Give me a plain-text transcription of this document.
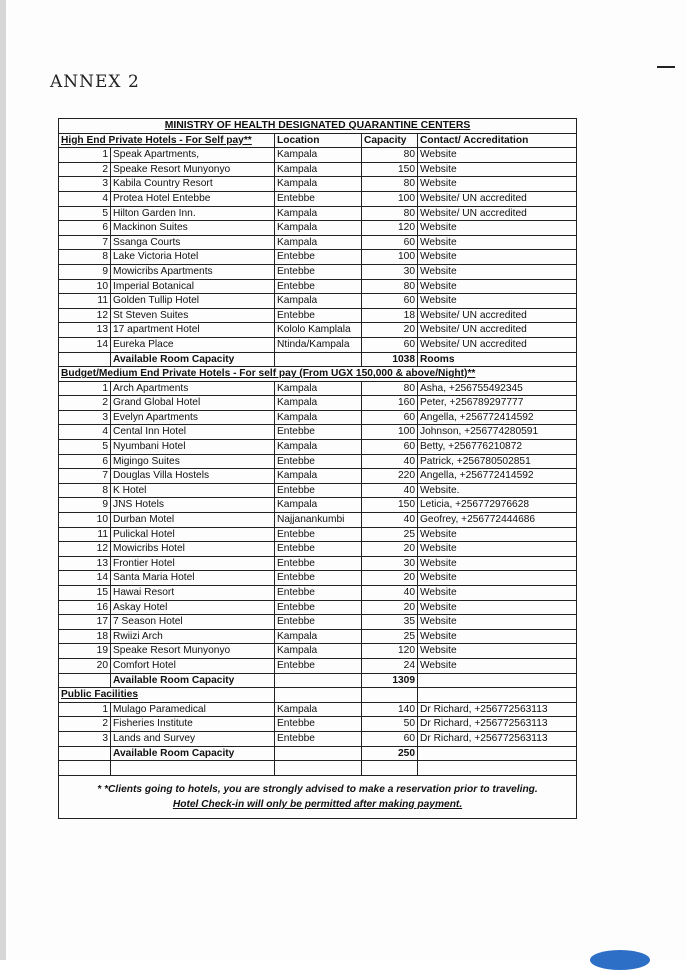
ANNEX 2
MINISTRY OF HEALTH DESIGNATED QUARANTINE CENTERS				
High End Private Hotels - For Self pay**		Location	Capacity	Contact/ Accreditation
1	Speak Apartments,	Kampala	80	Website
2	Speake Resort Munyonyo	Kampala	150	Website
3	Kabila Country Resort	Kampala	80	Website
4	Protea Hotel Entebbe	Entebbe	100	Website/ UN accredited
5	Hilton Garden Inn.	Kampala	80	Website/ UN accredited
6	Mackinon Suites	Kampala	120	Website
7	Ssanga Courts	Kampala	60	Website
8	Lake Victoria Hotel	Entebbe	100	Website
9	Mowicribs Apartments	Entebbe	30	Website
10	Imperial Botanical	Entebbe	80	Website
11	Golden Tullip Hotel	Kampala	60	Website
12	St Steven Suites	Entebbe	18	Website/ UN accredited
13	17 apartment Hotel	Kololo Kamplala	20	Website/ UN accredited
14	Eureka Place	Ntinda/Kampala	60	Website/ UN accredited
	Available Room Capacity		1038	Rooms
Budget/Medium End Private Hotels - For self pay (From UGX 150,000 & above/Night)**				
1	Arch Apartments	Kampala	80	Asha, +256755492345
2	Grand Global Hotel	Kampala	160	Peter, +256789297777
3	Evelyn Apartments	Kampala	60	Angella, +256772414592
4	Cental Inn Hotel	Entebbe	100	Johnson, +256774280591
5	Nyumbani Hotel	Kampala	60	Betty, +256776210872
6	Migingo Suites	Entebbe	40	Patrick, +256780502851
7	Douglas Villa Hostels	Kampala	220	Angella, +256772414592
8	K Hotel	Entebbe	40	Website.
9	JNS Hotels	Kampala	150	Leticia, +256772976628
10	Durban Motel	Najjanankumbi	40	Geofrey, +256772444686
11	Pulickal Hotel	Entebbe	25	Website
12	Mowicribs Hotel	Entebbe	20	Website
13	Frontier Hotel	Entebbe	30	Website
14	Santa Maria Hotel	Entebbe	20	Website
15	Hawai Resort	Entebbe	40	Website
16	Askay Hotel	Entebbe	20	Website
17	7 Season Hotel	Entebbe	35	Website
18	Rwiizi Arch	Kampala	25	Website
19	Speake Resort Munyonyo	Kampala	120	Website
20	Comfort Hotel	Entebbe	24	Website
	Available Room Capacity		1309	
Public Facilities				
1	Mulago Paramedical	Kampala	140	Dr Richard, +256772563113
2	Fisheries Institute	Entebbe	50	Dr Richard, +256772563113
3	Lands and Survey	Entebbe	60	Dr Richard, +256772563113
	Available Room Capacity		250	

* *Clients going to hotels, you are strongly advised to make a reservation prior to traveling.
Hotel Check-in will only be permitted after making payment.				
